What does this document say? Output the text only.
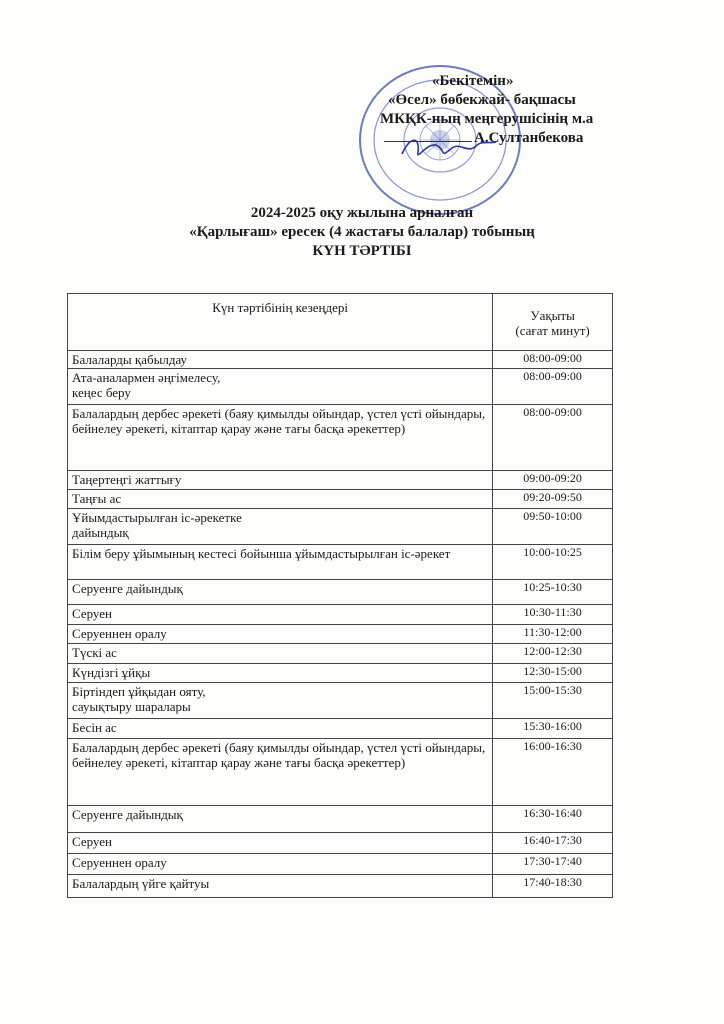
«Бекітемін»
«Өсел» бөбекжай- бақшасы
МКҚК-ның меңгерушісінің м.а
А.Султанбекова
2024-2025 оқу жылына арналған
«Қарлығаш» ересек (4 жастағы балалар) тобының
КҮН ТӘРТІБІ
Күн тәртібінің кезеңдері	Уақыты
(сағат минут)
Балаларды қабылдау	08:00-09:00
Ата-аналармен әңгімелесу,
кеңес беру	08:00-09:00
Балалардың дербес әрекеті (баяу қимылды ойындар, үстел үсті ойындары, бейнелеу әрекеті, кітаптар қарау және тағы басқа әрекеттер)	08:00-09:00
Таңертеңгі жаттығу	09:00-09:20
Таңғы ас	09:20-09:50
Ұйымдастырылған іс-әрекетке
дайындық	09:50-10:00
Білім беру ұйымының кестесі бойынша ұйымдастырылған іс-әрекет	10:00-10:25
Серуенге дайындық	10:25-10:30
Серуен	10:30-11:30
Серуеннен оралу	11:30-12:00
Түскі ас	12:00-12:30
Күндізгі ұйқы	12:30-15:00
Біртіндеп ұйқыдан ояту,
сауықтыру шаралары	15:00-15:30
Бесін ас	15:30-16:00
Балалардың дербес әрекеті (баяу қимылды ойындар, үстел үсті ойындары, бейнелеу әрекеті, кітаптар қарау және тағы басқа әрекеттер)	16:00-16:30
Серуенге дайындық	16:30-16:40
Серуен	16:40-17:30
Серуеннен оралу	17:30-17:40
Балалардың үйге қайтуы	17:40-18:30
